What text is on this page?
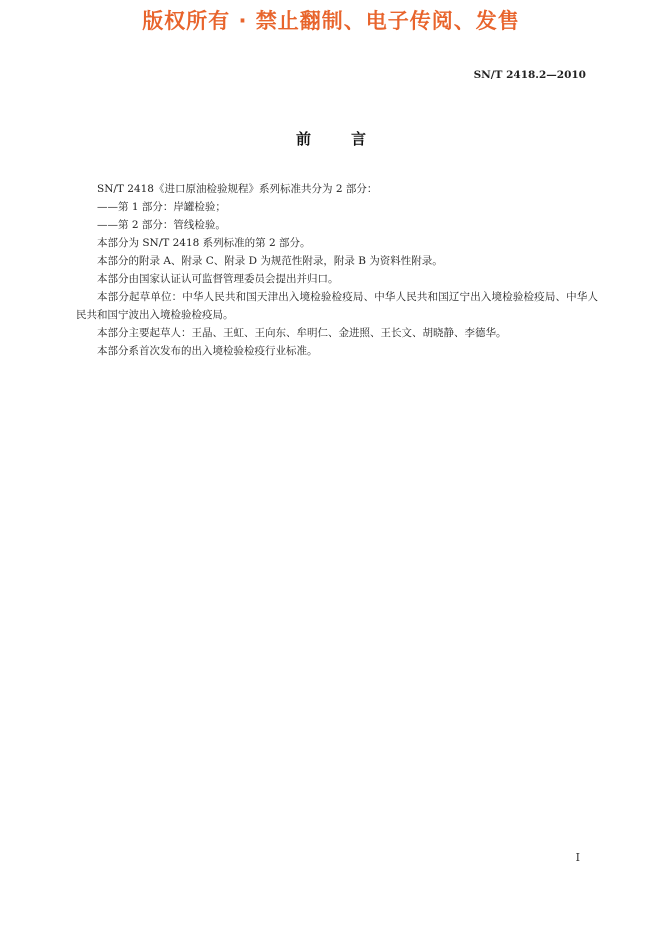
版权所有 · 禁止翻制、电子传阅、发售
SN/T 2418.2—2010
前言

SN/T 2418《进口原油检验规程》系列标准共分为 2 部分：

——第 1 部分：岸罐检验；

——第 2 部分：管线检验。

本部分为 SN/T 2418 系列标准的第 2 部分。

本部分的附录 A、附录 C、附录 D 为规范性附录，附录 B 为资料性附录。

本部分由国家认证认可监督管理委员会提出并归口。

本部分起草单位：中华人民共和国天津出入境检验检疫局、中华人民共和国辽宁出入境检验检疫局、中华人民共和国宁波出入境检验检疫局。

本部分主要起草人：王晶、王虹、王向东、牟明仁、金进照、王长文、胡晓静、李德华。

本部分系首次发布的出入境检验检疫行业标准。

I
